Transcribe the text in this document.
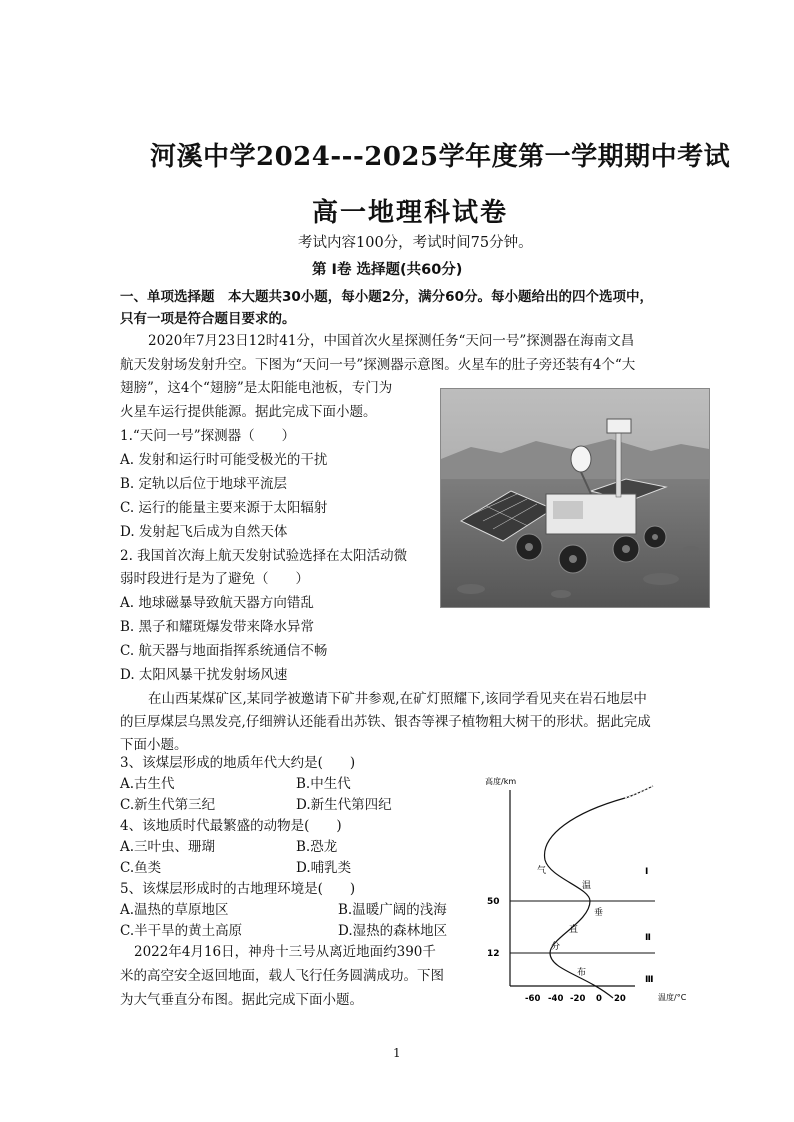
河溪中学2024---2025学年度第一学期期中考试
高一地理科试卷
考试内容100分，考试时间75分钟。
第 Ⅰ卷 选择题(共60分)
一、单项选择题　本大题共30小题，每小题2分，满分60分。每小题给出的四个选项中，
只有一项是符合题目要求的。
2020年7月23日12时41分，中国首次火星探测任务“天问一号”探测器在海南文昌
航天发射场发射升空。下图为“天问一号”探测器示意图。火星车的肚子旁还装有4个“大
翅膀”，这4个“翅膀”是太阳能电池板，专门为
火星车运行提供能源。据此完成下面小题。
1.“天问一号”探测器（　　）
A. 发射和运行时可能受极光的干扰
B. 定轨以后位于地球平流层
C. 运行的能量主要来源于太阳辐射
D. 发射起飞后成为自然天体
2. 我国首次海上航天发射试验选择在太阳活动微
弱时段进行是为了避免（　　）
A. 地球磁暴导致航天器方向错乱
B. 黑子和耀斑爆发带来降水异常
C. 航天器与地面指挥系统通信不畅
D. 太阳风暴干扰发射场风速
在山西某煤矿区,某同学被邀请下矿井参观,在矿灯照耀下,该同学看见夹在岩石地层中
的巨厚煤层乌黑发亮,仔细辨认还能看出苏铁、银杏等裸子植物粗大树干的形状。据此完成
下面小题。
3、该煤层形成的地质年代大约是(　　)
A.古生代	B.中生代
C.新生代第三纪	D.新生代第四纪
4、该地质时代最繁盛的动物是(　　)
A.三叶虫、珊瑚	B.恐龙
C.鱼类	D.哺乳类
5、该煤层形成时的古地理环境是(　　)
A.温热的草原地区	B.温暖广阔的浅海
C.半干旱的黄土高原	D.湿热的森林地区
2022年4月16日，神舟十三号从离近地面约390千
米的高空安全返回地面，载人飞行任务圆满成功。下图
为大气垂直分布图。据此完成下面小题。
高度/km
温度/°C
50
12
-60 -40 -20 0 20
Ⅰ
Ⅱ
Ⅲ
气
温
垂
直
分
布
1
